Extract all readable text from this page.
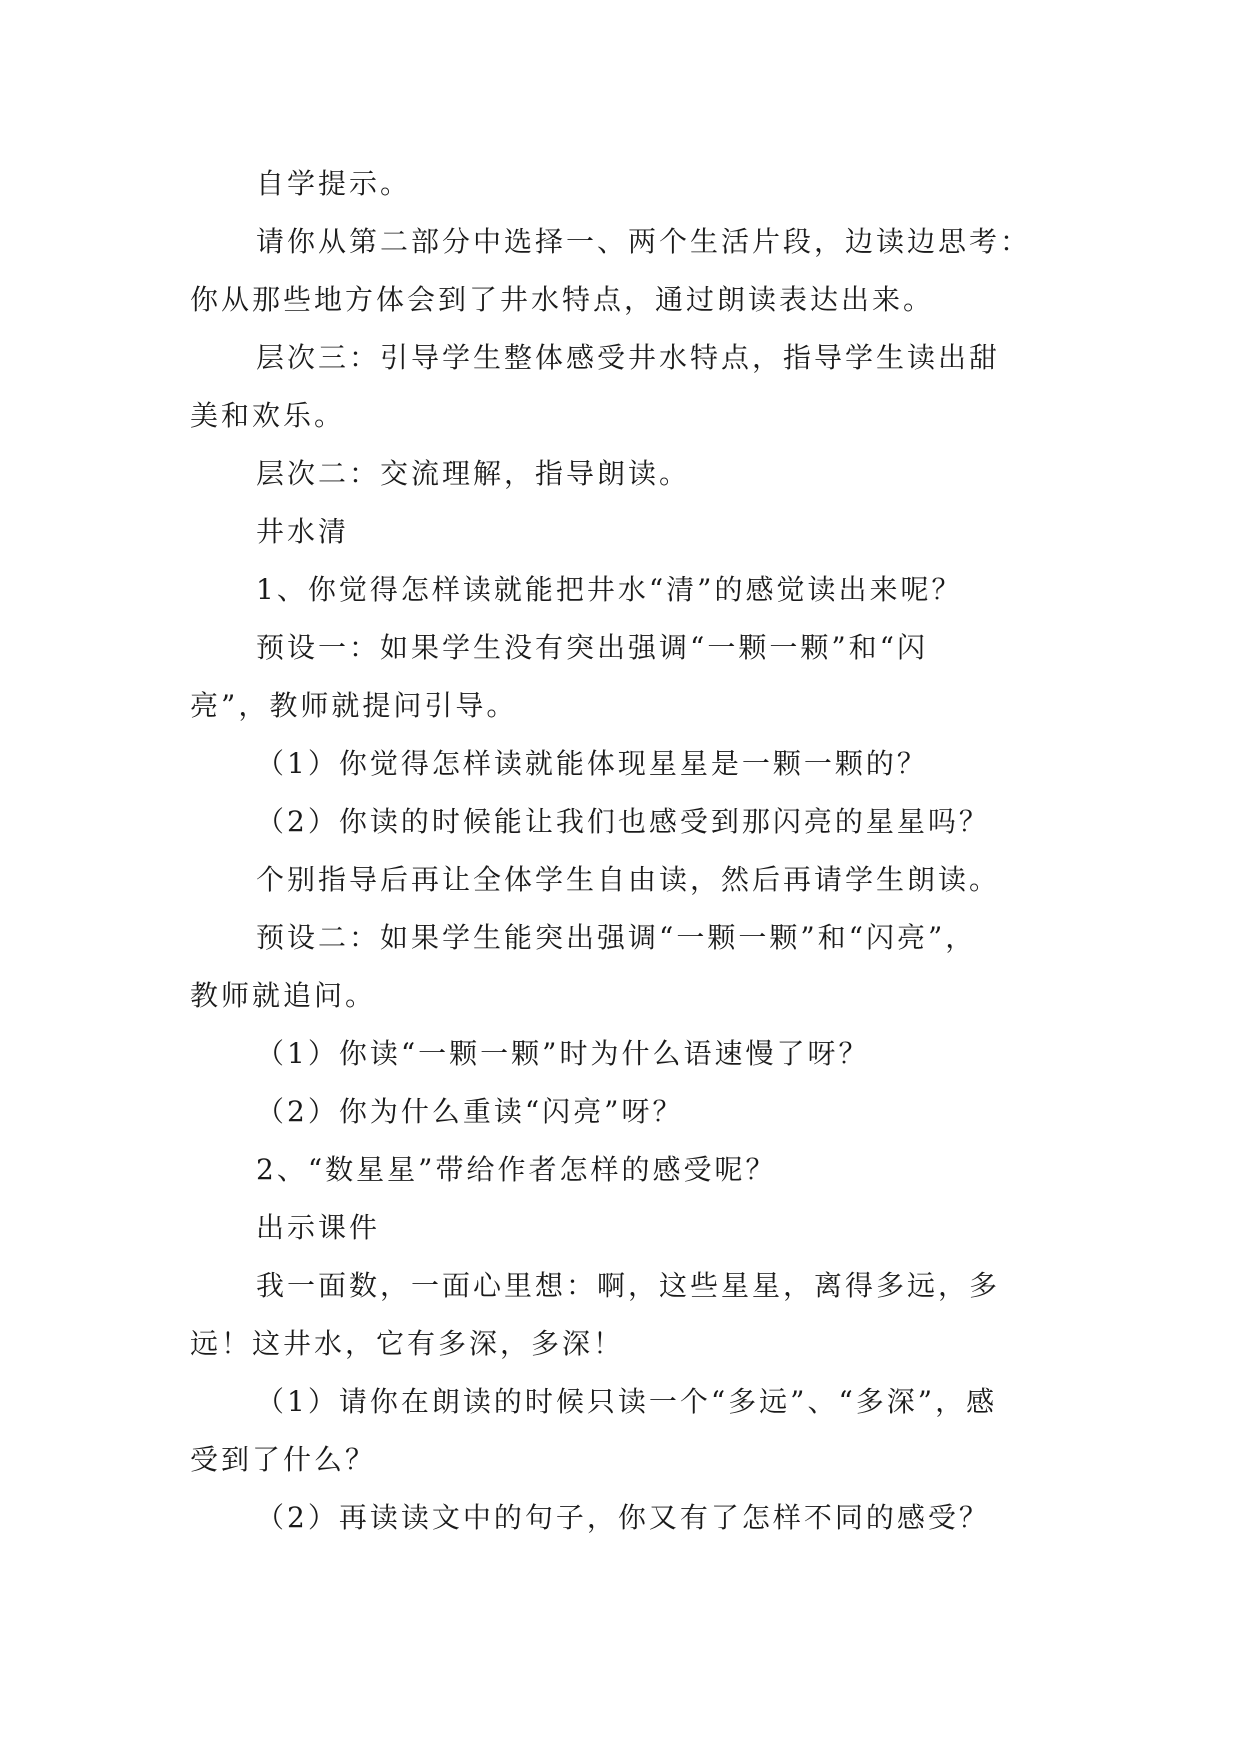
自学提示。
请你从第二部分中选择一、两个生活片段，边读边思考：
你从那些地方体会到了井水特点，通过朗读表达出来。
层次三：引导学生整体感受井水特点，指导学生读出甜
美和欢乐。
层次二：交流理解，指导朗读。
井水清
1、你觉得怎样读就能把井水“清”的感觉读出来呢？
预设一：如果学生没有突出强调“一颗一颗”和“闪
亮”，教师就提问引导。
（1）你觉得怎样读就能体现星星是一颗一颗的？
（2）你读的时候能让我们也感受到那闪亮的星星吗？
个别指导后再让全体学生自由读，然后再请学生朗读。
预设二：如果学生能突出强调“一颗一颗”和“闪亮”，
教师就追问。
（1）你读“一颗一颗”时为什么语速慢了呀？
（2）你为什么重读“闪亮”呀？
2、“数星星”带给作者怎样的感受呢？
出示课件
我一面数，一面心里想：啊，这些星星，离得多远，多
远！这井水，它有多深，多深！
（1）请你在朗读的时候只读一个“多远”、“多深”，感
受到了什么？
（2）再读读文中的句子，你又有了怎样不同的感受？
